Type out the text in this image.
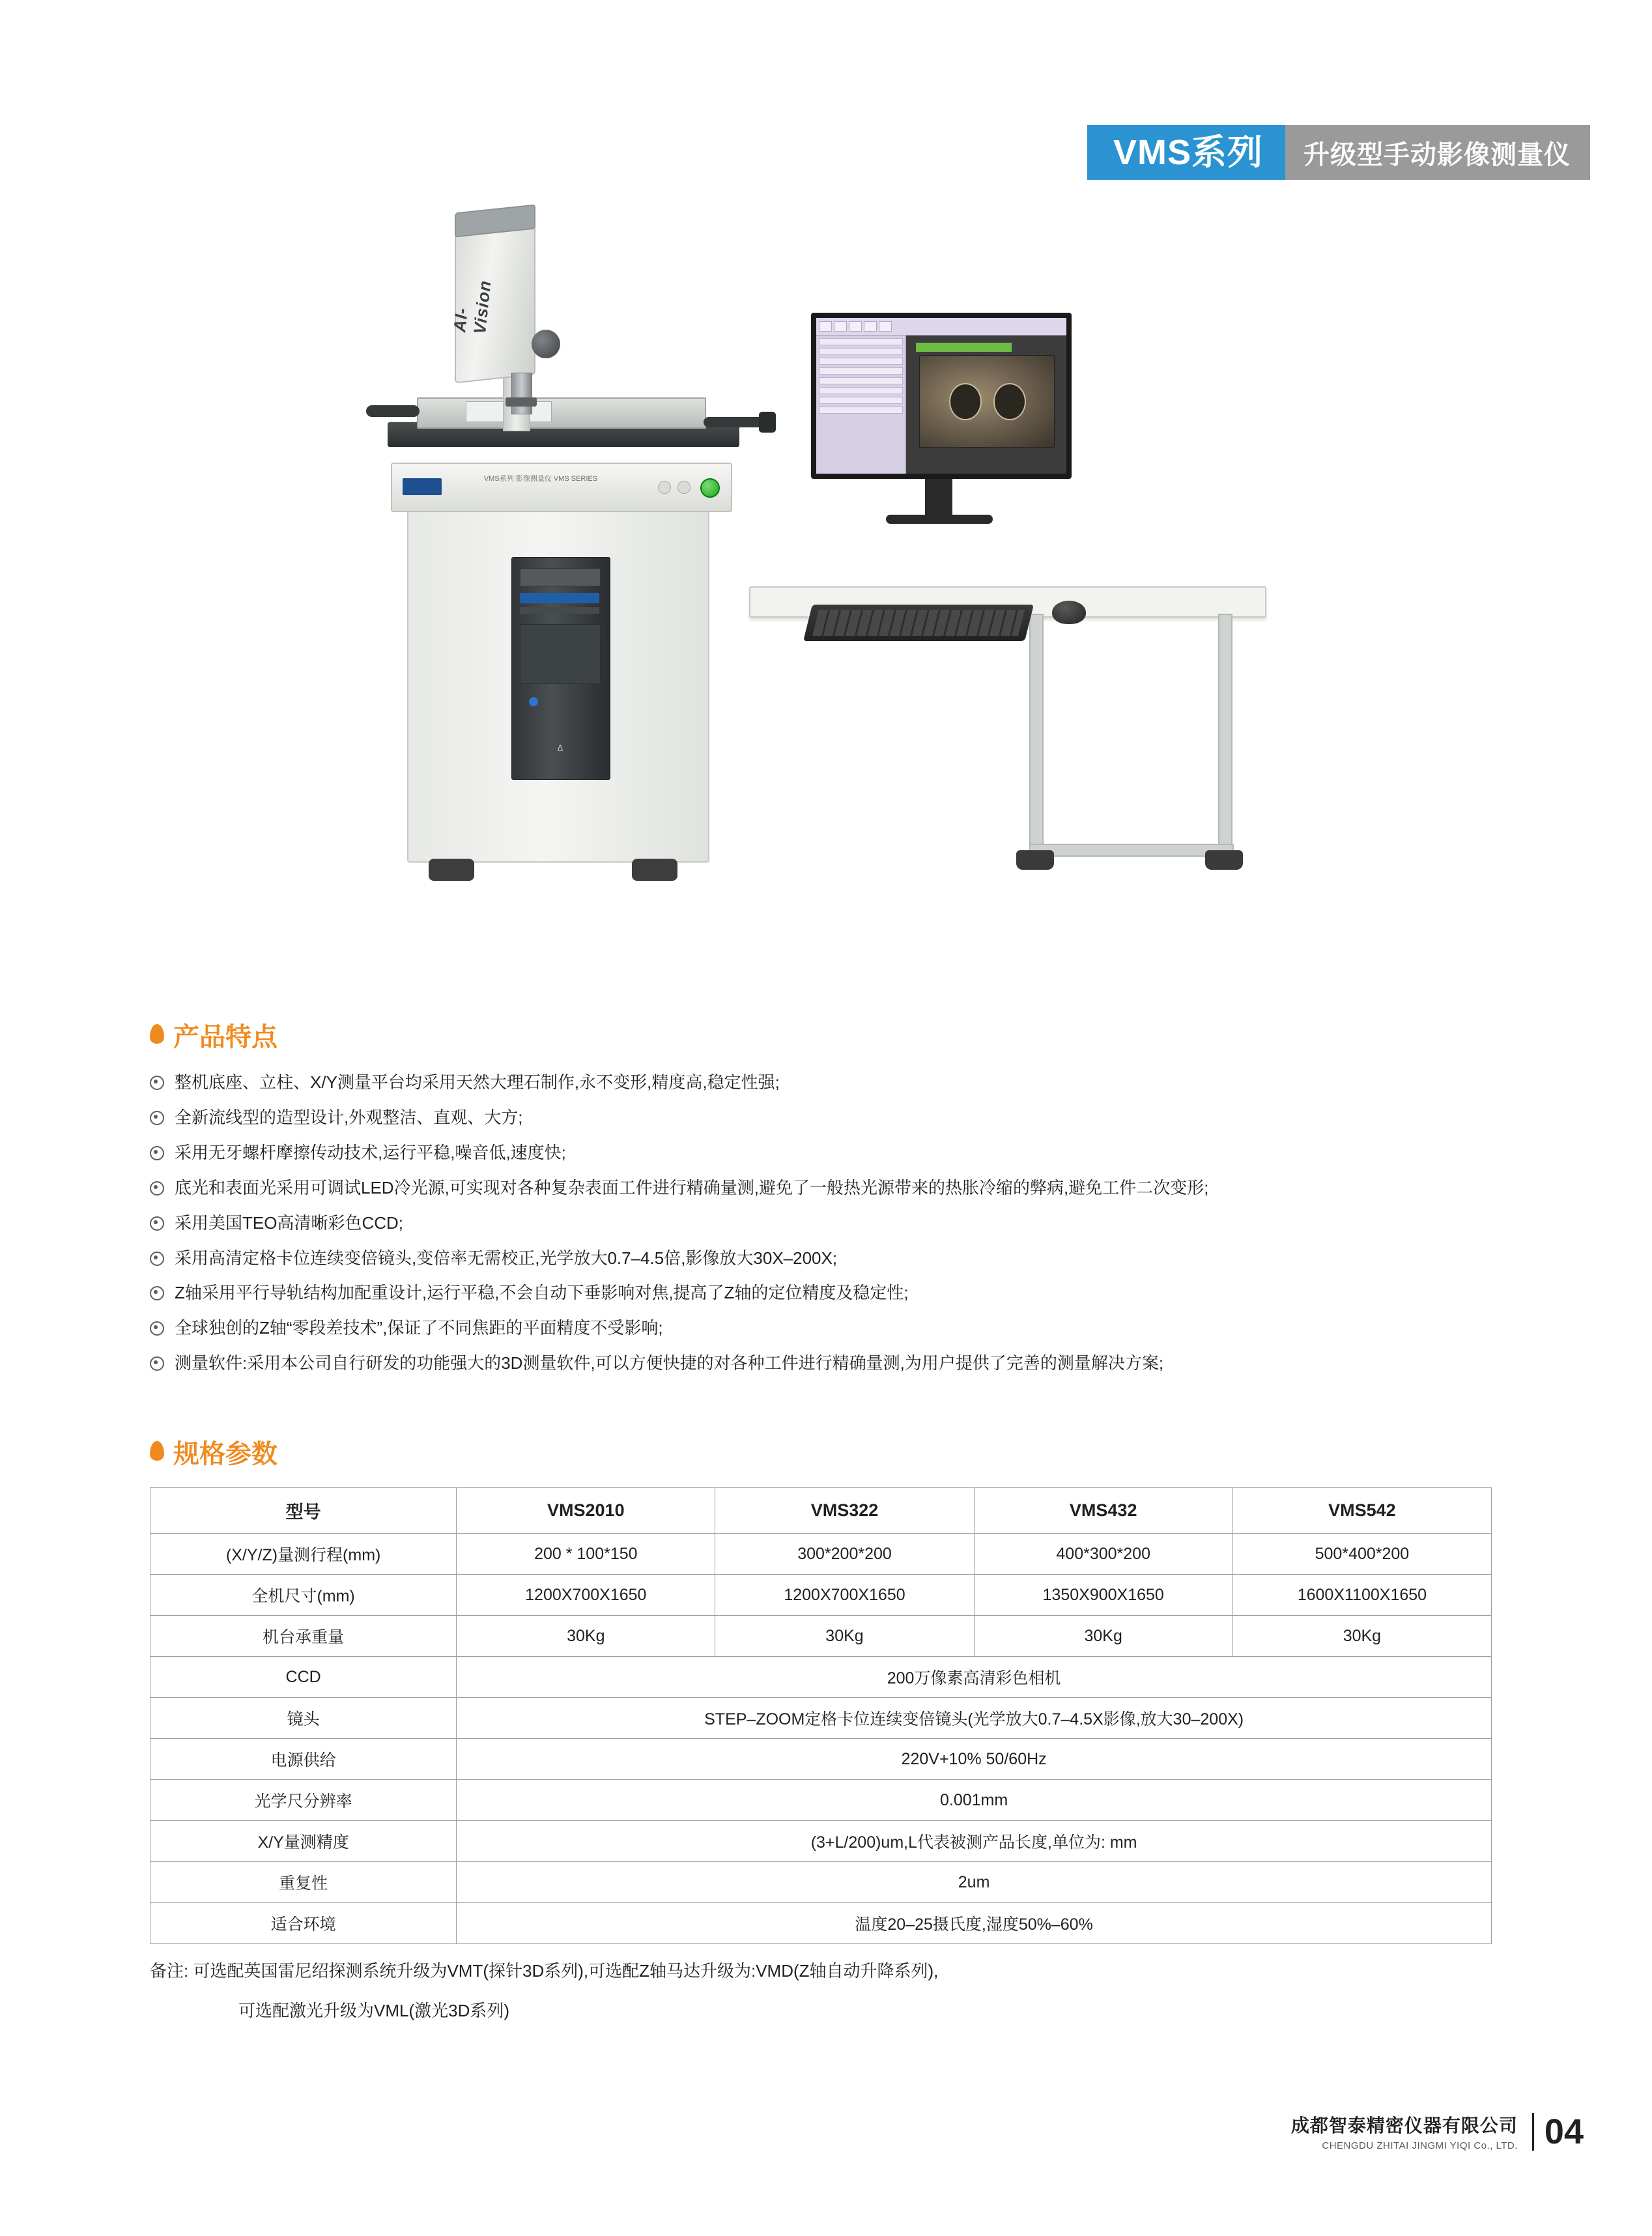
VMS系列	升级型手动影像测量仪
VMS系列 影像测量仪 VMS SERIES
Δ
AI-Vision
产品特点
整机底座、立柱、X/Y测量平台均采用天然大理石制作,永不变形,精度高,稳定性强;
全新流线型的造型设计,外观整洁、直观、大方;
采用无牙螺杆摩擦传动技术,运行平稳,噪音低,速度快;
底光和表面光采用可调试LED冷光源,可实现对各种复杂表面工件进行精确量测,避免了一般热光源带来的热胀冷缩的弊病,避免工件二次变形;
采用美国TEO高清晰彩色CCD;
采用高清定格卡位连续变倍镜头,变倍率无需校正,光学放大0.7–4.5倍,影像放大30X–200X;
Z轴采用平行导轨结构加配重设计,运行平稳,不会自动下垂影响对焦,提高了Z轴的定位精度及稳定性;
全球独创的Z轴“零段差技术”,保证了不同焦距的平面精度不受影响;
测量软件:采用本公司自行研发的功能强大的3D测量软件,可以方便快捷的对各种工件进行精确量测,为用户提供了完善的测量解决方案;
规格参数
型号	VMS2010	VMS322	VMS432	VMS542
(X/Y/Z)量测行程(mm)	200 * 100*150	300*200*200	400*300*200	500*400*200
全机尺寸(mm)	1200X700X1650	1200X700X1650	1350X900X1650	1600X1100X1650
机台承重量	30Kg	30Kg	30Kg	30Kg
CCD	200万像素高清彩色相机			
镜头	STEP–ZOOM定格卡位连续变倍镜头(光学放大0.7–4.5X影像,放大30–200X)			
电源供给	220V+10% 50/60Hz			
光学尺分辨率	0.001mm			
X/Y量测精度	(3+L/200)um,L代表被测产品长度,单位为: mm			
重复性	2um			
适合环境	温度20–25摄氏度,湿度50%–60%			
备注: 可选配英国雷尼绍探测系统升级为VMT(探针3D系列),可选配Z轴马达升级为:VMD(Z轴自动升降系列),
可选配激光升级为VML(激光3D系列)
成都智泰精密仪器有限公司
CHENGDU ZHITAI JINGMI YIQI Co., LTD. 04
